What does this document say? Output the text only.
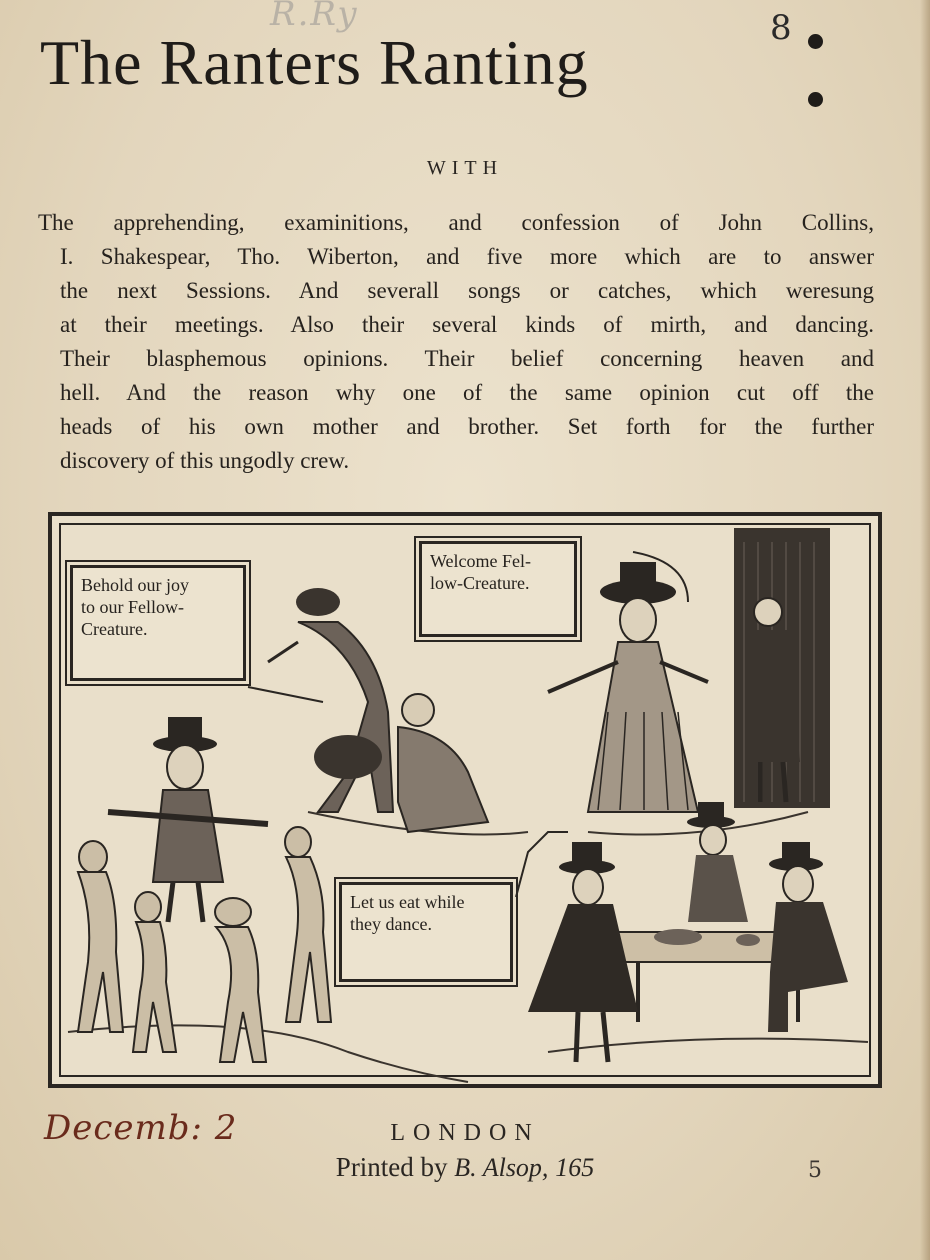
R.Ry	8
The Ranters Ranting
WITH
The apprehending, examinitions, and confession of John Collins,
I. Shakespear, Tho. Wiberton, and five more which are to answer
the next Sessions. And severall songs or catches, which weresung
at their meetings. Also their several kinds of mirth, and dancing.
Their blasphemous opinions. Their belief concerning heaven and
hell. And the reason why one of the same opinion cut off the
heads of his own mother and brother. Set forth for the further
discovery of this ungodly crew.
Behold our joy
to our Fellow-
Creature.
Welcome Fel-
low-Creature.
Let us eat while
they dance.
Decemb: 2	LONDON
Printed by B. Alsop, 165	5
